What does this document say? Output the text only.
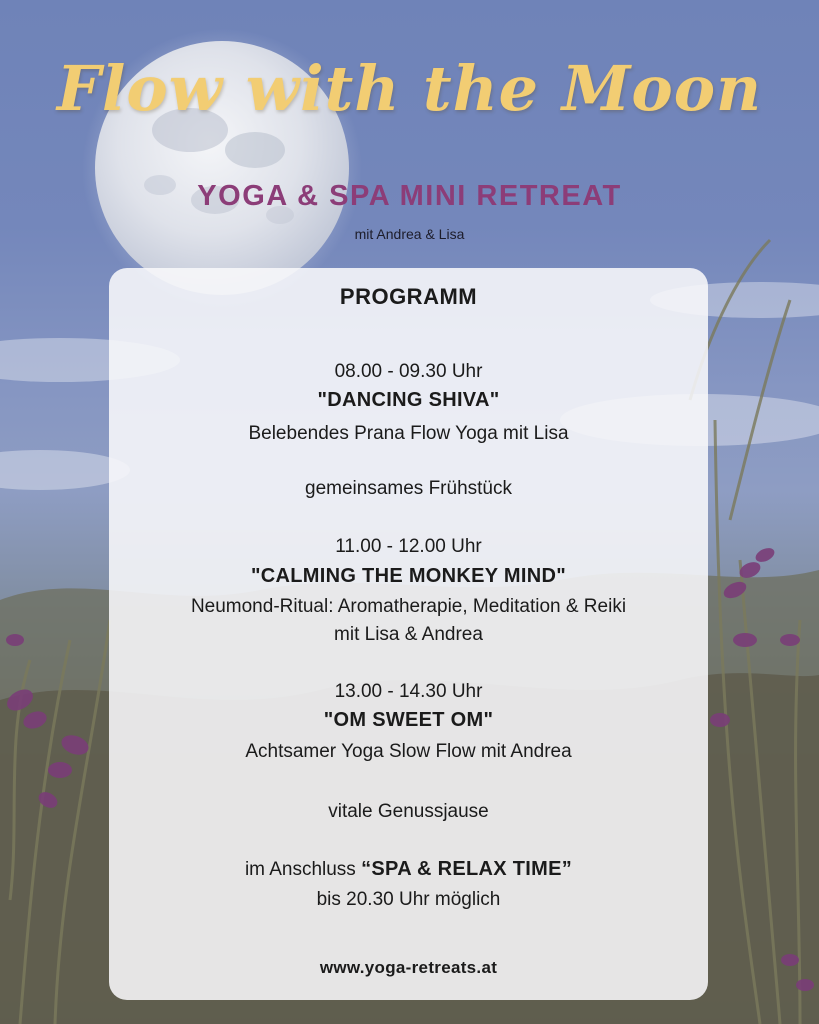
Flow with the Moon
YOGA & SPA MINI RETREAT
mit Andrea & Lisa
PROGRAMM
08.00 - 09.30 Uhr
"DANCING SHIVA"
Belebendes Prana Flow Yoga mit Lisa
gemeinsames Frühstück
11.00 - 12.00 Uhr
"CALMING THE MONKEY MIND"
Neumond-Ritual: Aromatherapie, Meditation & Reiki
mit Lisa & Andrea
13.00 - 14.30 Uhr
"OM SWEET OM"
Achtsamer Yoga Slow Flow mit Andrea
vitale Genussjause
im Anschluss “SPA & RELAX TIME”
bis 20.30 Uhr möglich
www.yoga-retreats.at
